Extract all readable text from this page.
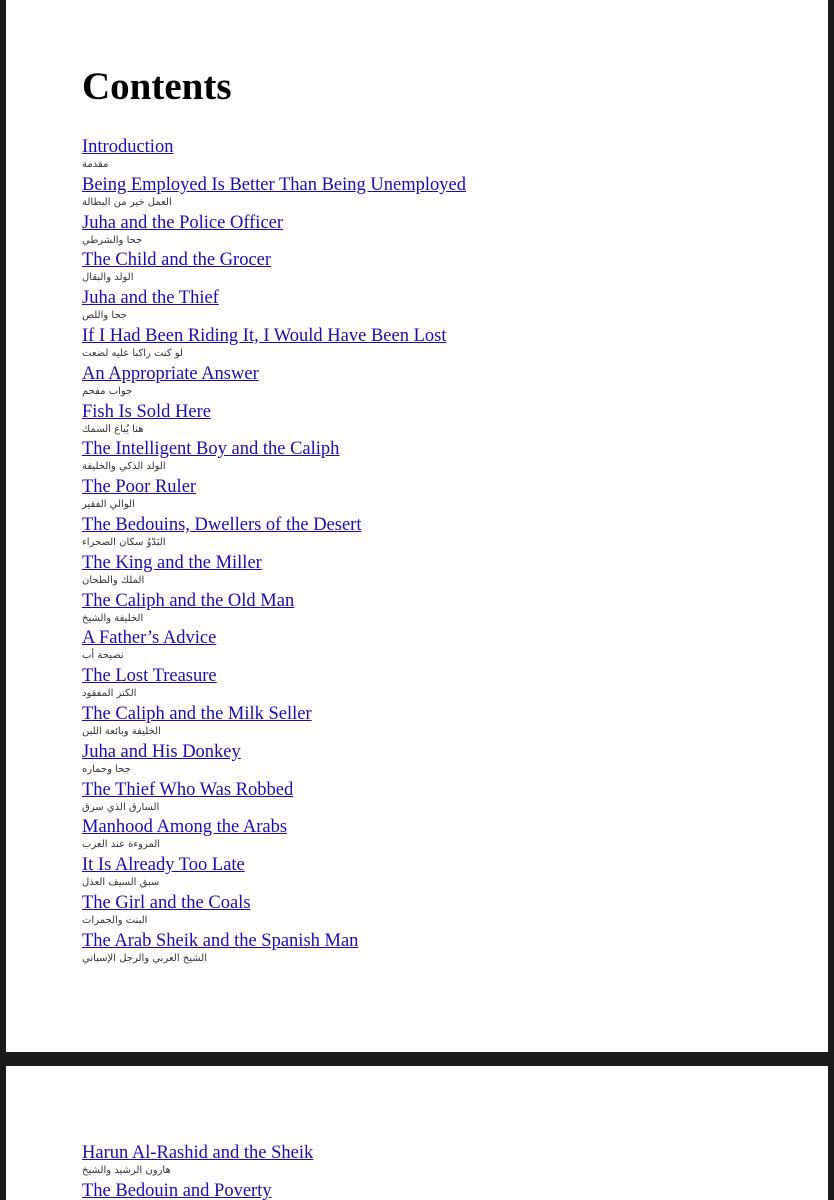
Contents
Introduction
مقدمة
Being Employed Is Better Than Being Unemployed
العمل خير من البطالة
Juha and the Police Officer
جحا والشرطي
The Child and the Grocer
الولد والبقال
Juha and the Thief
جحا واللص
If I Had Been Riding It, I Would Have Been Lost
لو كنت راكبا عليه لضعت
An Appropriate Answer
جواب مفحم
Fish Is Sold Here
هنا يُباع السمك
The Intelligent Boy and the Caliph
الولد الذكي والخليفة
The Poor Ruler
الوالي الفقير
The Bedouins, Dwellers of the Desert
البَدْوُ سكان الصحراء
The King and the Miller
الملك والطحان
The Caliph and the Old Man
الخليفة والشيخ
A Father’s Advice
نصيحة أب
The Lost Treasure
الكنز المفقود
The Caliph and the Milk Seller
الخليفة وبائعة اللبن
Juha and His Donkey
جحا وحماره
The Thief Who Was Robbed
السارق الذي سرق
Manhood Among the Arabs
المروءة عند العرب
It Is Already Too Late
سبق السيف العذل
The Girl and the Coals
البنت والجمرات
The Arab Sheik and the Spanish Man
الشيخ العربي والرجل الإسباني
Harun Al-Rashid and the Sheik
هارون الرشيد والشيخ
The Bedouin and Poverty
